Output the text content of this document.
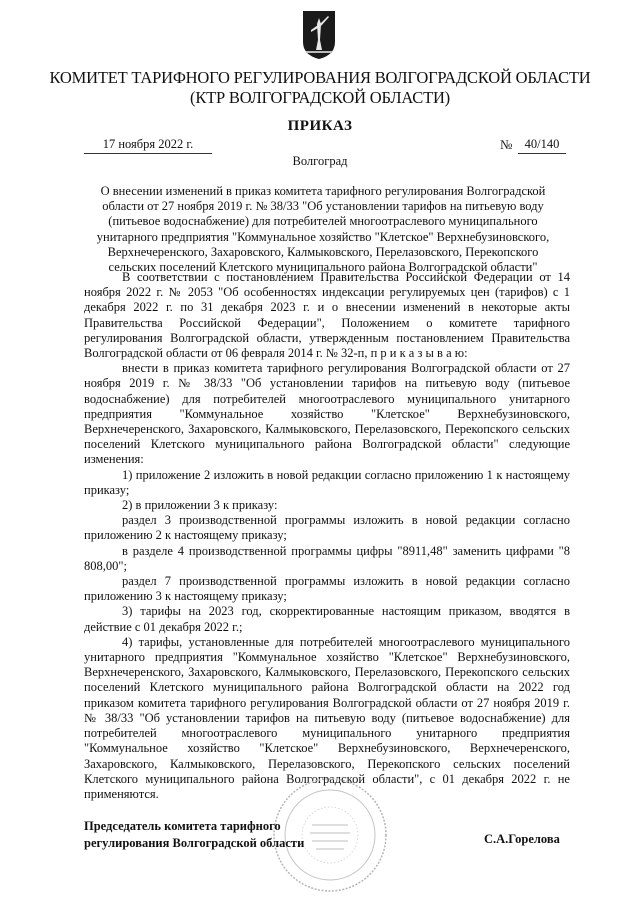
КОМИТЕТ ТАРИФНОГО РЕГУЛИРОВАНИЯ ВОЛГОГРАДСКОЙ ОБЛАСТИ
(КТР ВОЛГОГРАДСКОЙ ОБЛАСТИ)
ПРИКАЗ
17 ноября 2022 г.	№ 40/140
Волгоград
О внесении изменений в приказ комитета тарифного регулирования Волгоградской области от 27 ноября 2019 г. № 38/33 "Об установлении тарифов на питьевую воду (питьевое водоснабжение) для потребителей многоотраслевого муниципального унитарного предприятия "Коммунальное хозяйство "Клетское" Верхнебузиновского, Верхнечеренского, Захаровского, Калмыковского, Перелазовского, Перекопского сельских поселений Клетского муниципального района Волгоградской области"

В соответствии с постановлением Правительства Российской Федерации от 14 ноября 2022 г. № 2053 "Об особенностях индексации регулируемых цен (тарифов) с 1 декабря 2022 г. по 31 декабря 2023 г. и о внесении изменений в некоторые акты Правительства Российской Федерации", Положением о комитете тарифного регулирования Волгоградской области, утвержденным постановлением Правительства Волгоградской области от 06 февраля 2014 г. № 32-п, п р и к а з ы в а ю:

внести в приказ комитета тарифного регулирования Волгоградской области от 27 ноября 2019 г. № 38/33 "Об установлении тарифов на питьевую воду (питьевое водоснабжение) для потребителей многоотраслевого муниципального унитарного предприятия "Коммунальное хозяйство "Клетское" Верхнебузиновского, Верхнечеренского, Захаровского, Калмыковского, Перелазовского, Перекопского сельских поселений Клетского муниципального района Волгоградской области" следующие изменения:

1) приложение 2 изложить в новой редакции согласно приложению 1 к настоящему приказу;

2) в приложении 3 к приказу:

раздел 3 производственной программы изложить в новой редакции согласно приложению 2 к настоящему приказу;

в разделе 4 производственной программы цифры "8911,48" заменить цифрами "8 808,00";

раздел 7 производственной программы изложить в новой редакции согласно приложению 3 к настоящему приказу;

3) тарифы на 2023 год, скорректированные настоящим приказом, вводятся в действие с 01 декабря 2022 г.;

4) тарифы, установленные для потребителей многоотраслевого муниципального унитарного предприятия "Коммунальное хозяйство "Клетское" Верхнебузиновского, Верхнечеренского, Захаровского, Калмыковского, Перелазовского, Перекопского сельских поселений Клетского муниципального района Волгоградской области на 2022 год приказом комитета тарифного регулирования Волгоградской области от 27 ноября 2019 г. № 38/33 "Об установлении тарифов на питьевую воду (питьевое водоснабжение) для потребителей многоотраслевого муниципального унитарного предприятия "Коммунальное хозяйство "Клетское" Верхнебузиновского, Верхнечеренского, Захаровского, Калмыковского, Перелазовского, Перекопского сельских поселений Клетского муниципального района Волгоградской области", с 01 декабря 2022 г. не применяются.

Председатель комитета тарифного
регулирования Волгоградской области	С.А.Горелова
